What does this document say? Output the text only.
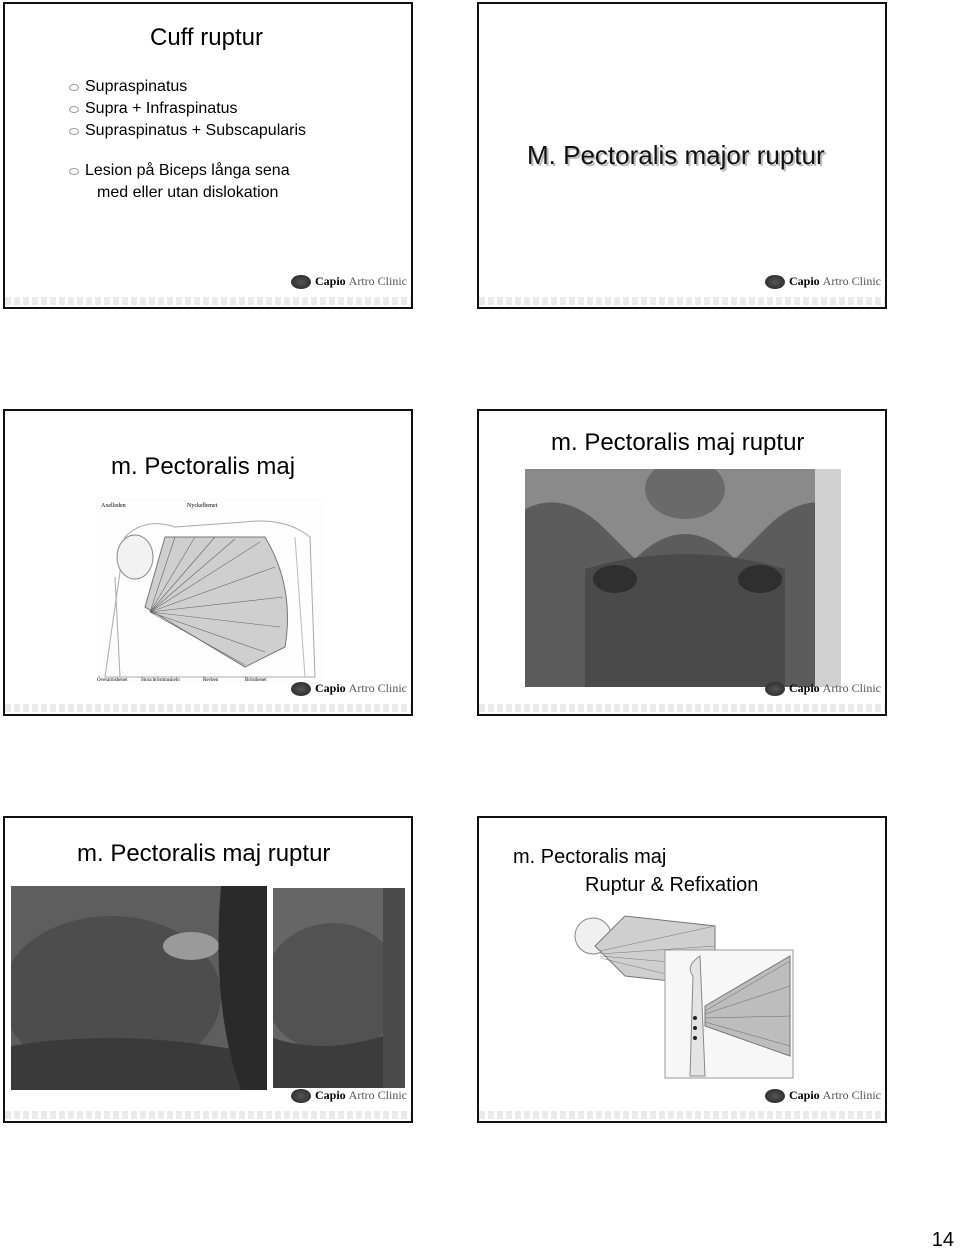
Cuff ruptur
Supraspinatus
Supra + Infraspinatus
Supraspinatus + Subscapularis
Lesion på Biceps långa sena
med eller utan dislokation
Capio Artro Clinic
M. Pectoralis major ruptur
Capio Artro Clinic
m. Pectoralis maj
Axelleden	Nyckelbenet
Överarmsbenet	Stora bröstmuskeln	Revben	Bröstbenet
Capio Artro Clinic
m. Pectoralis maj ruptur
Capio Artro Clinic
m. Pectoralis maj ruptur
Capio Artro Clinic
m. Pectoralis maj
Ruptur & Refixation
Capio Artro Clinic
14
